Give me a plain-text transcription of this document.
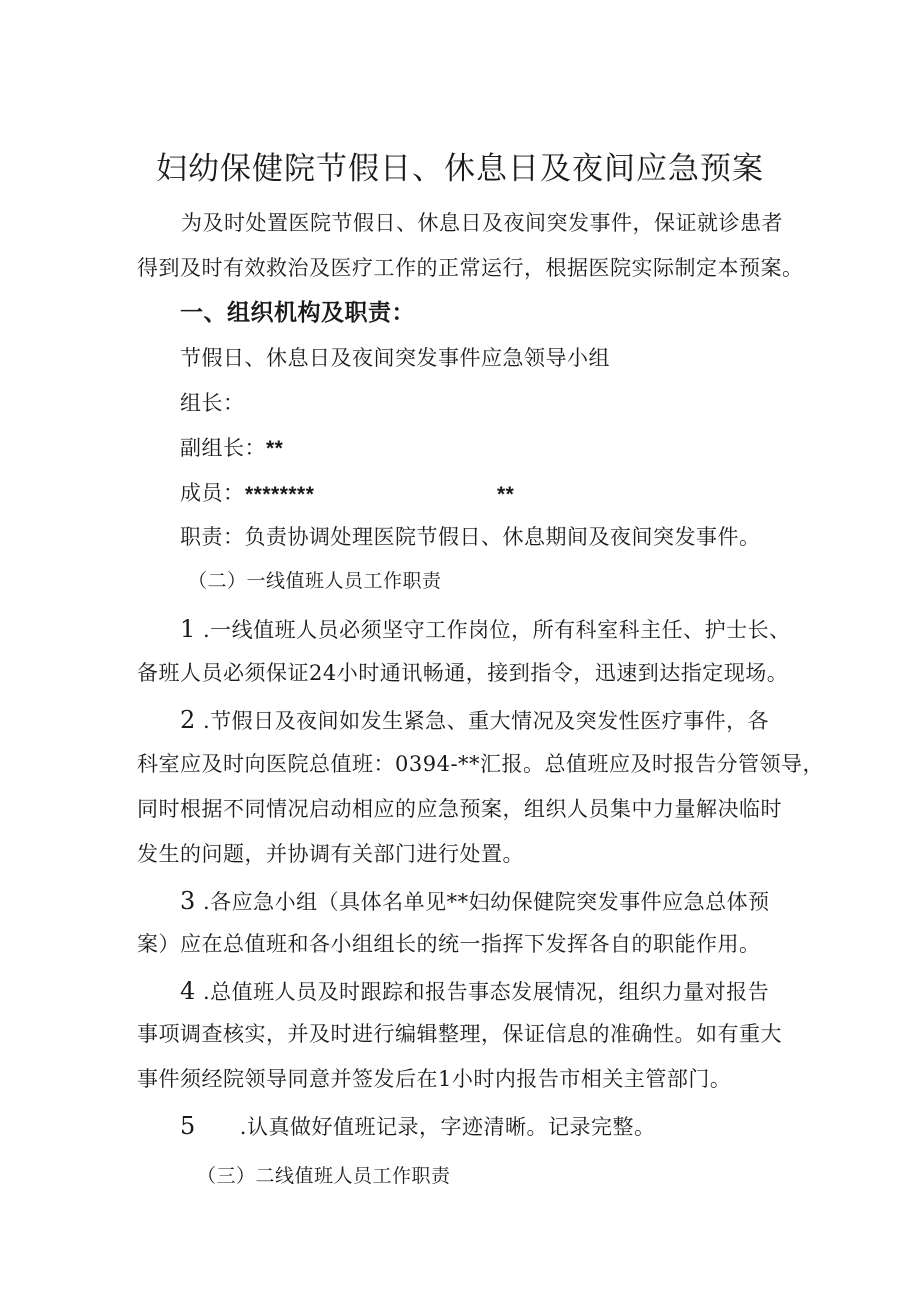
妇幼保健院节假日、休息日及夜间应急预案
为及时处置医院节假日、休息日及夜间突发事件，保证就诊患者
得到及时有效救治及医疗工作的正常运行，根据医院实际制定本预案。
一、组织机构及职责：
节假日、休息日及夜间突发事件应急领导小组
组长：
副组长：**
成员： ********	**
职责：负责协调处理医院节假日、休息期间及夜间突发事件。
（二）一线值班人员工作职责
1 .一线值班人员必须坚守工作岗位，所有科室科主任、护士长、
备班人员必须保证24小时通讯畅通，接到指令，迅速到达指定现场。
2 .节假日及夜间如发生紧急、重大情况及突发性医疗事件，各
科室应及时向医院总值班：0394-**汇报。总值班应及时报告分管领导，
同时根据不同情况启动相应的应急预案，组织人员集中力量解决临时
发生的问题，并协调有关部门进行处置。
3 .各应急小组（具体名单见**妇幼保健院突发事件应急总体预
案）应在总值班和各小组组长的统一指挥下发挥各自的职能作用。
4 .总值班人员及时跟踪和报告事态发展情况，组织力量对报告
事项调查核实，并及时进行编辑整理，保证信息的准确性。如有重大
事件须经院领导同意并签发后在1小时内报告市相关主管部门。
5 .认真做好值班记录，字迹清晰。记录完整。
（三）二线值班人员工作职责
